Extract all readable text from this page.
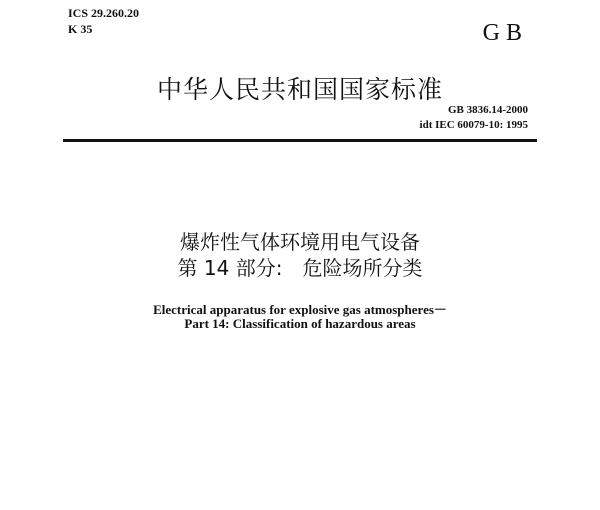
ICS 29.260.20
K 35	GB
中华人民共和国国家标准
GB 3836.14-2000
idt IEC 60079-10: 1995
爆炸性气体环境用电气设备
第 14 部分:　危险场所分类
Electrical apparatus for explosive gas atmospheres－
Part 14: Classification of hazardous areas
